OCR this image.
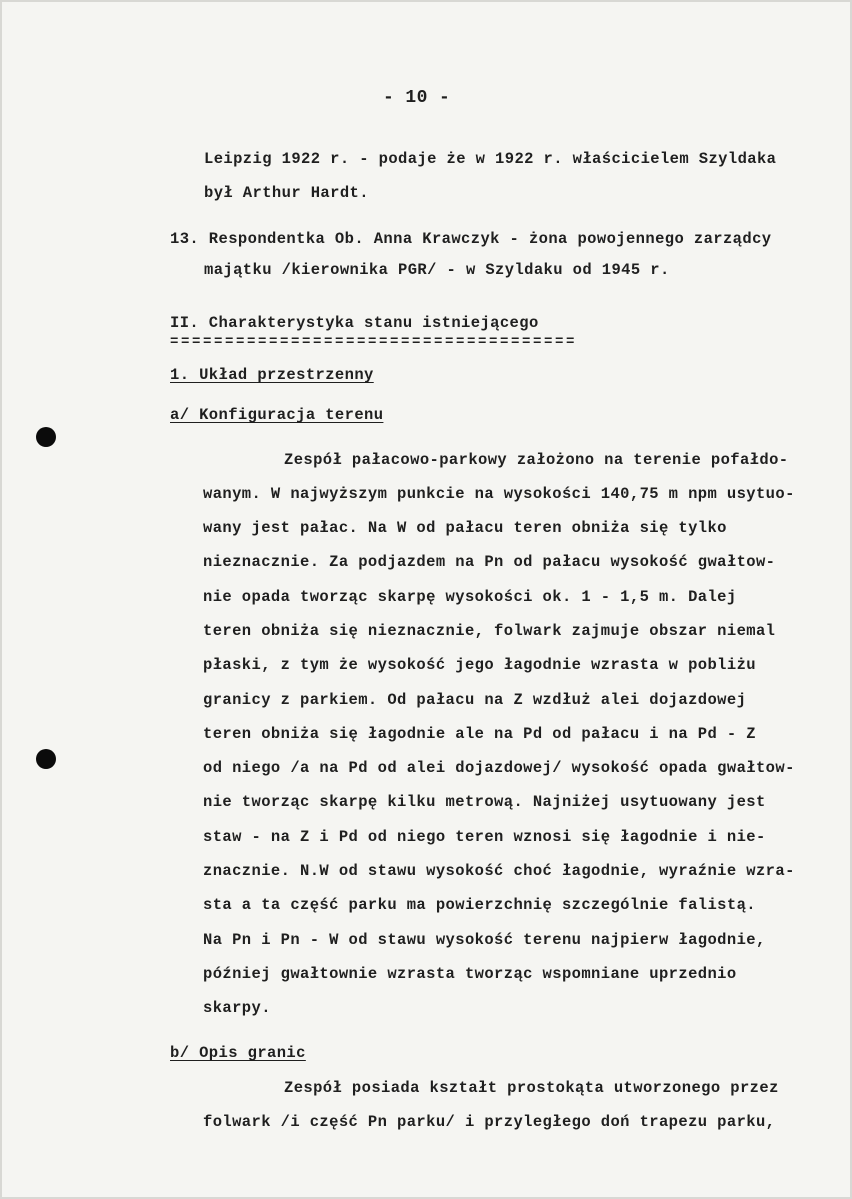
- 10 -
Leipzig 1922 r. - podaje że w 1922 r. właścicielem Szyldaka
był Arthur Hardt.
13. Respondentka Ob. Anna Krawczyk - żona powojennego zarządcy
majątku /kierownika PGR/ - w Szyldaku od 1945 r.
II. Charakterystyka stanu istniejącego
=====================================
1. Układ przestrzenny
a/ Konfiguracja terenu
Zespół pałacowo-parkowy założono na terenie pofałdo-
wanym. W najwyższym punkcie na wysokości 140,75 m npm usytuo-
wany jest pałac. Na W od pałacu teren obniża się tylko
nieznacznie. Za podjazdem na Pn od pałacu wysokość gwałtow-
nie opada tworząc skarpę wysokości ok. 1 - 1,5 m. Dalej
teren obniża się nieznacznie, folwark zajmuje obszar niemal
płaski, z tym że wysokość jego łagodnie wzrasta w pobliżu
granicy z parkiem. Od pałacu na Z wzdłuż alei dojazdowej
teren obniża się łagodnie ale na Pd od pałacu i na Pd - Z
od niego /a na Pd od alei dojazdowej/ wysokość opada gwałtow-
nie tworząc skarpę kilku metrową. Najniżej usytuowany jest
staw - na Z i Pd od niego teren wznosi się łagodnie i nie-
znacznie. N.W od stawu wysokość choć łagodnie, wyraźnie wzra-
sta a ta część parku ma powierzchnię szczególnie falistą.
Na Pn i Pn - W od stawu wysokość terenu najpierw łagodnie,
później gwałtownie wzrasta tworząc wspomniane uprzednio
skarpy.
b/ Opis granic
Zespół posiada kształt prostokąta utworzonego przez
folwark /i część Pn parku/ i przyległego doń trapezu parku,
